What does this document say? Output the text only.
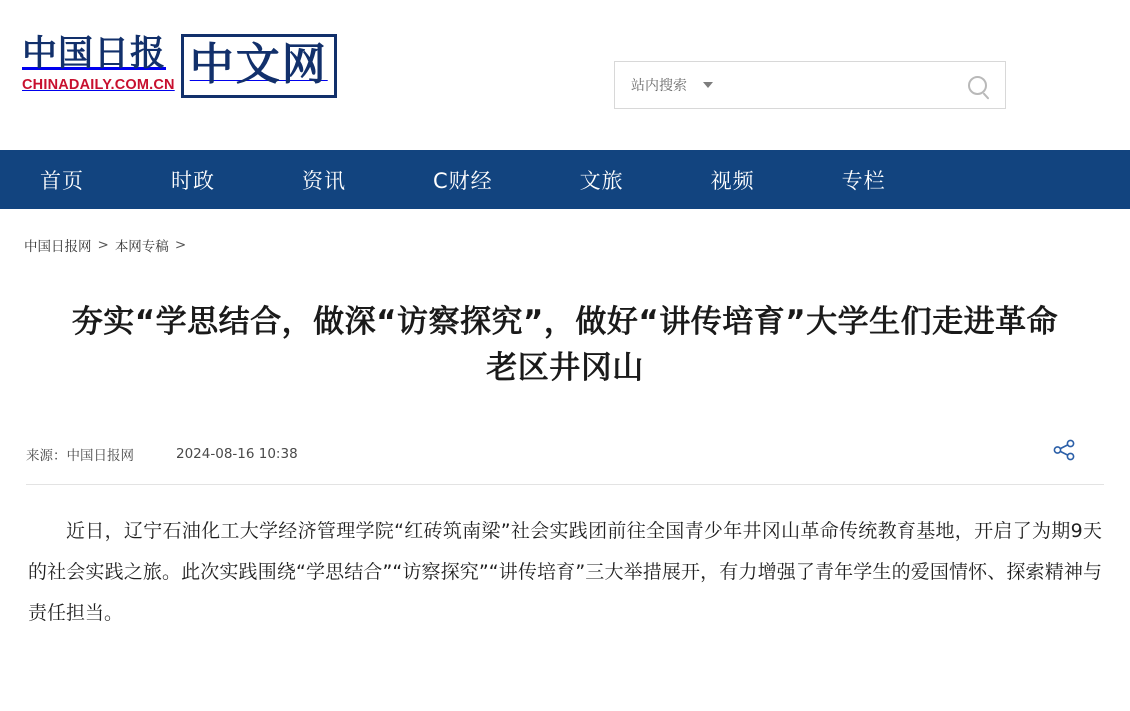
中国日报
CHINADAILY.COM.CN 中文网	站内搜索
首页	时政	资讯	C财经	文旅	视频	专栏
中国日报网 > 本网专稿 >
夯实“学思结合，做深“访察探究”，做好“讲传培育”大学生们走进革命老区井冈山
来源：中国日报网	2024-08-16 10:38

近日，辽宁石油化工大学经济管理学院“红砖筑南梁”社会实践团前往全国青少年井冈山革命传统教育基地，开启了为期9天的社会实践之旅。此次实践围绕“学思结合”“访察探究”“讲传培育”三大举措展开，有力增强了青年学生的爱国情怀、探索精神与责任担当。
